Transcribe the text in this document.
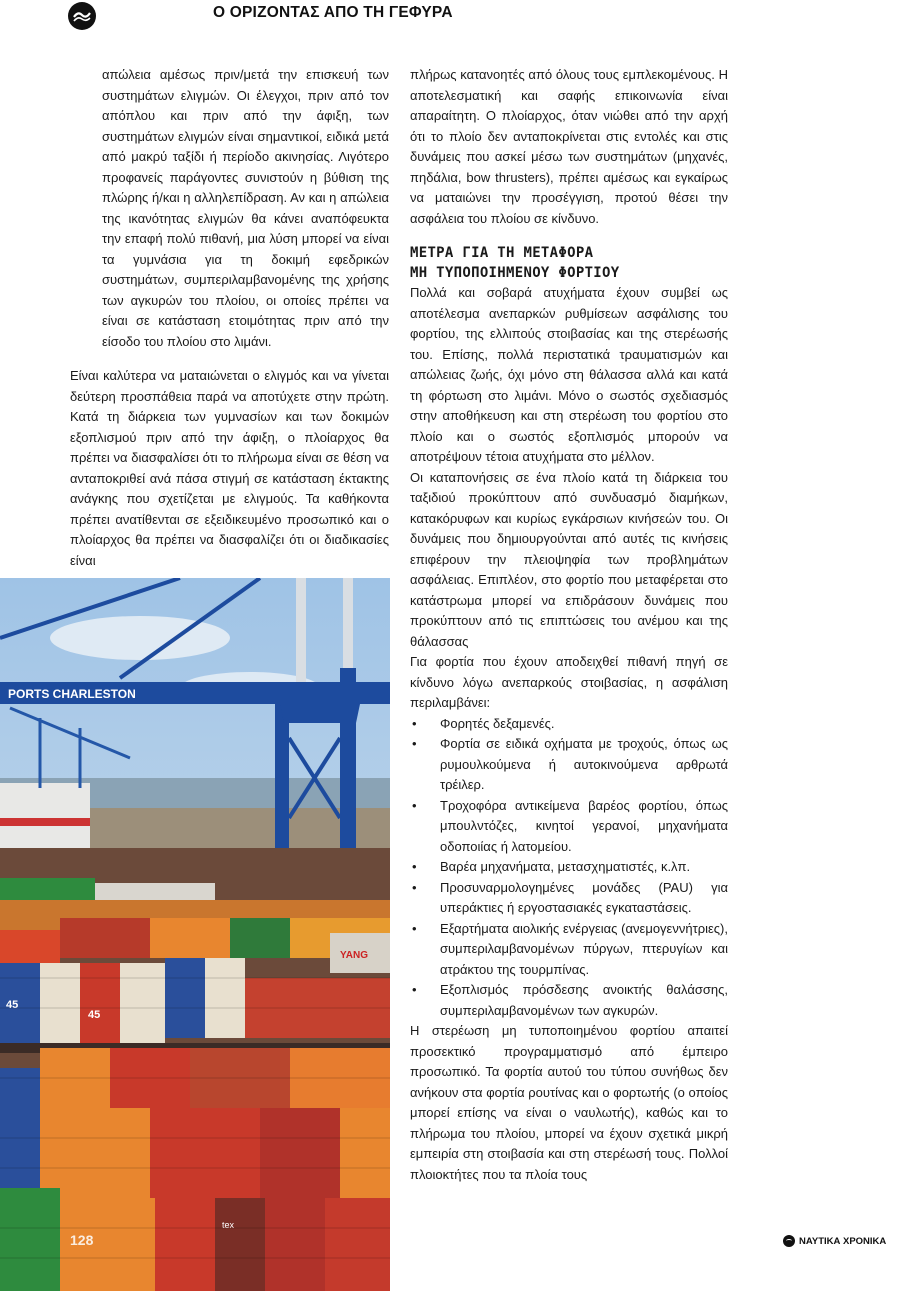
Ο ΟΡΙΖΟΝΤΑΣ ΑΠΟ ΤΗ ΓΕΦΥΡΑ

απώλεια αμέσως πριν/μετά την επισκευή των συστημάτων ελιγμών. Οι έλεγχοι, πριν από τον απόπλου και πριν από την άφιξη, των συστημάτων ελιγμών είναι σημαντικοί, ειδικά μετά από μακρύ ταξίδι ή περίοδο ακινησίας. Λιγότερο προφανείς παράγοντες συνιστούν η βύθιση της πλώρης ή/και η αλληλεπίδραση. Αν και η απώλεια της ικανότητας ελιγμών θα κάνει αναπόφευκτα την επαφή πολύ πιθανή, μια λύση μπορεί να είναι τα γυμνάσια για τη δοκιμή εφεδρικών συστημάτων, συμπεριλαμβανομένης της χρήσης των αγκυρών του πλοίου, οι οποίες πρέπει να είναι σε κατάσταση ετοιμότητας πριν από την είσοδο του πλοίου στο λιμάνι.

Είναι καλύτερα να ματαιώνεται ο ελιγμός και να γίνεται δεύτερη προσπάθεια παρά να αποτύχετε στην πρώτη. Κατά τη διάρκεια των γυμνασίων και των δοκιμών εξοπλισμού πριν από την άφιξη, ο πλοίαρχος θα πρέπει να διασφαλίσει ότι το πλήρωμα είναι σε θέση να ανταποκριθεί ανά πάσα στιγμή σε κατάσταση έκτακτης ανάγκης που σχετίζεται με ελιγμούς. Τα καθήκοντα πρέπει ανατίθενται σε εξειδικευμένο προσωπικό και ο πλοίαρχος θα πρέπει να διασφαλίζει ότι οι διαδικασίες είναι

πλήρως κατανοητές από όλους τους εμπλεκομένους. Η αποτελεσματική και σαφής επικοινωνία είναι απαραίτητη. Ο πλοίαρχος, όταν νιώθει από την αρχή ότι το πλοίο δεν ανταποκρίνεται στις εντολές και στις δυνάμεις που ασκεί μέσω των συστημάτων (μηχανές, πηδάλια, bow thrusters), πρέπει αμέσως και εγκαίρως να ματαιώνει την προσέγγιση, προτού θέσει την ασφάλεια του πλοίου σε κίνδυνο.

ΜΕΤΡΑ ΓΙΑ ΤΗ ΜΕΤΑΦΟΡΑ
ΜΗ ΤΥΠΟΠΟΙΗΜΕΝΟΥ ΦΟΡΤΙΟΥ

Πολλά και σοβαρά ατυχήματα έχουν συμβεί ως αποτέλεσμα ανεπαρκών ρυθμίσεων ασφάλισης του φορτίου, της ελλιπούς στοιβασίας και της στερέωσής του. Επίσης, πολλά περιστατικά τραυματισμών και απώλειας ζωής, όχι μόνο στη θάλασσα αλλά και κατά τη φόρτωση στο λιμάνι. Μόνο ο σωστός σχεδιασμός στην αποθήκευση και στη στερέωση του φορτίου στο πλοίο και ο σωστός εξοπλισμός μπορούν να αποτρέψουν τέτοια ατυχήματα στο μέλλον.

Οι καταπονήσεις σε ένα πλοίο κατά τη διάρκεια του ταξιδιού προκύπτουν από συνδυασμό διαμήκων, κατακόρυφων και κυρίως εγκάρσιων κινήσεών του. Οι δυνάμεις που δημιουργούνται από αυτές τις κινήσεις επιφέρουν την πλειοψηφία των προβλημάτων ασφάλειας. Επιπλέον, στο φορτίο που μεταφέρεται στο κατάστρωμα μπορεί να επιδράσουν δυνάμεις που προκύπτουν από τις επιπτώσεις του ανέμου και της θάλασσας

Για φορτία που έχουν αποδειχθεί πιθανή πηγή σε κίνδυνο λόγω ανεπαρκούς στοιβασίας, η ασφάλιση περιλαμβάνει:

• Φορητές δεξαμενές.
• Φορτία σε ειδικά οχήματα με τροχούς, όπως ως ρυμουλκούμενα ή αυτοκινούμενα αρθρωτά τρέιλερ.
• Τροχοφόρα αντικείμενα βαρέος φορτίου, όπως μπουλντόζες, κινητοί γερανοί, μηχανήματα οδοποιίας ή λατομείου.
• Βαρέα μηχανήματα, μετασχηματιστές, κ.λπ.
• Προσυναρμολογημένες μονάδες (PAU) για υπεράκτιες ή εργοστασιακές εγκαταστάσεις.
• Εξαρτήματα αιολικής ενέργειας (ανεμογεννήτριες), συμπεριλαμβανομένων πύργων, πτερυγίων και ατράκτου της τουρμπίνας.
• Εξοπλισμός πρόσδεσης ανοικτής θαλάσσης, συμπεριλαμβανομένων των αγκυρών.

Η στερέωση μη τυποποιημένου φορτίου απαιτεί προσεκτικό προγραμματισμό από έμπειρο προσωπικό. Τα φορτία αυτού του τύπου συνήθως δεν ανήκουν στα φορτία ρουτίνας και ο φορτωτής (ο οποίος μπορεί επίσης να είναι ο ναυλωτής), καθώς και το πλήρωμα του πλοίου, μπορεί να έχουν σχετικά μικρή εμπειρία στη στοιβασία και στη στερέωσή τους. Πολλοί πλοιοκτήτες που τα πλοία τους

PORTS CHARLESTON
YANG
45
45
tex
128	ΝΑΥΤΙΚΑ ΧΡΟΝΙΚΑ
